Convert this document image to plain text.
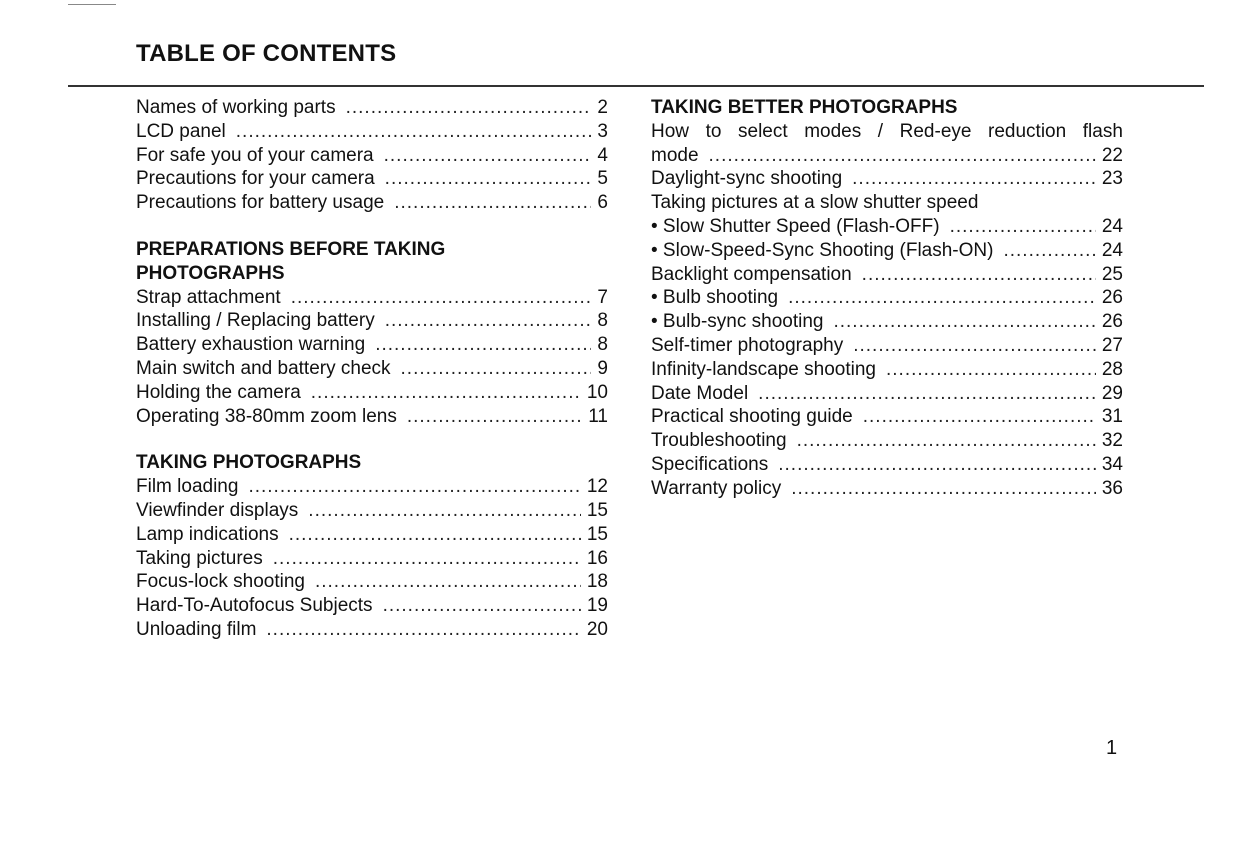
TABLE OF CONTENTS
Names of working parts .....	2
LCD panel .....	3
For safe you of your camera .....	4
Precautions for your camera .....	5
Precautions for battery usage .....	6
PREPARATIONS BEFORE TAKING
PHOTOGRAPHS
Strap attachment .....	7
Installing / Replacing battery .....	8
Battery exhaustion warning .....	8
Main switch and battery check .....	9
Holding the camera .....	10
Operating 38-80mm zoom lens .....	11
TAKING PHOTOGRAPHS
Film loading .....	12
Viewfinder displays .....	15
Lamp indications .....	15
Taking pictures .....	16
Focus-lock shooting .....	18
Hard-To-Autofocus Subjects .....	19
Unloading film .....	20
TAKING BETTER PHOTOGRAPHS
How to select modes / Red-eye reduction flash
mode .....	22
Daylight-sync shooting .....	23
Taking pictures at a slow shutter speed
• Slow Shutter Speed (Flash-OFF) .....	24
• Slow-Speed-Sync Shooting (Flash-ON) .....	24
Backlight compensation .....	25
• Bulb shooting .....	26
• Bulb-sync shooting .....	26
Self-timer photography .....	27
Infinity-landscape shooting .....	28
Date Model .....	29
Practical shooting guide .....	31
Troubleshooting .....	32
Specifications .....	34
Warranty policy .....	36
1
